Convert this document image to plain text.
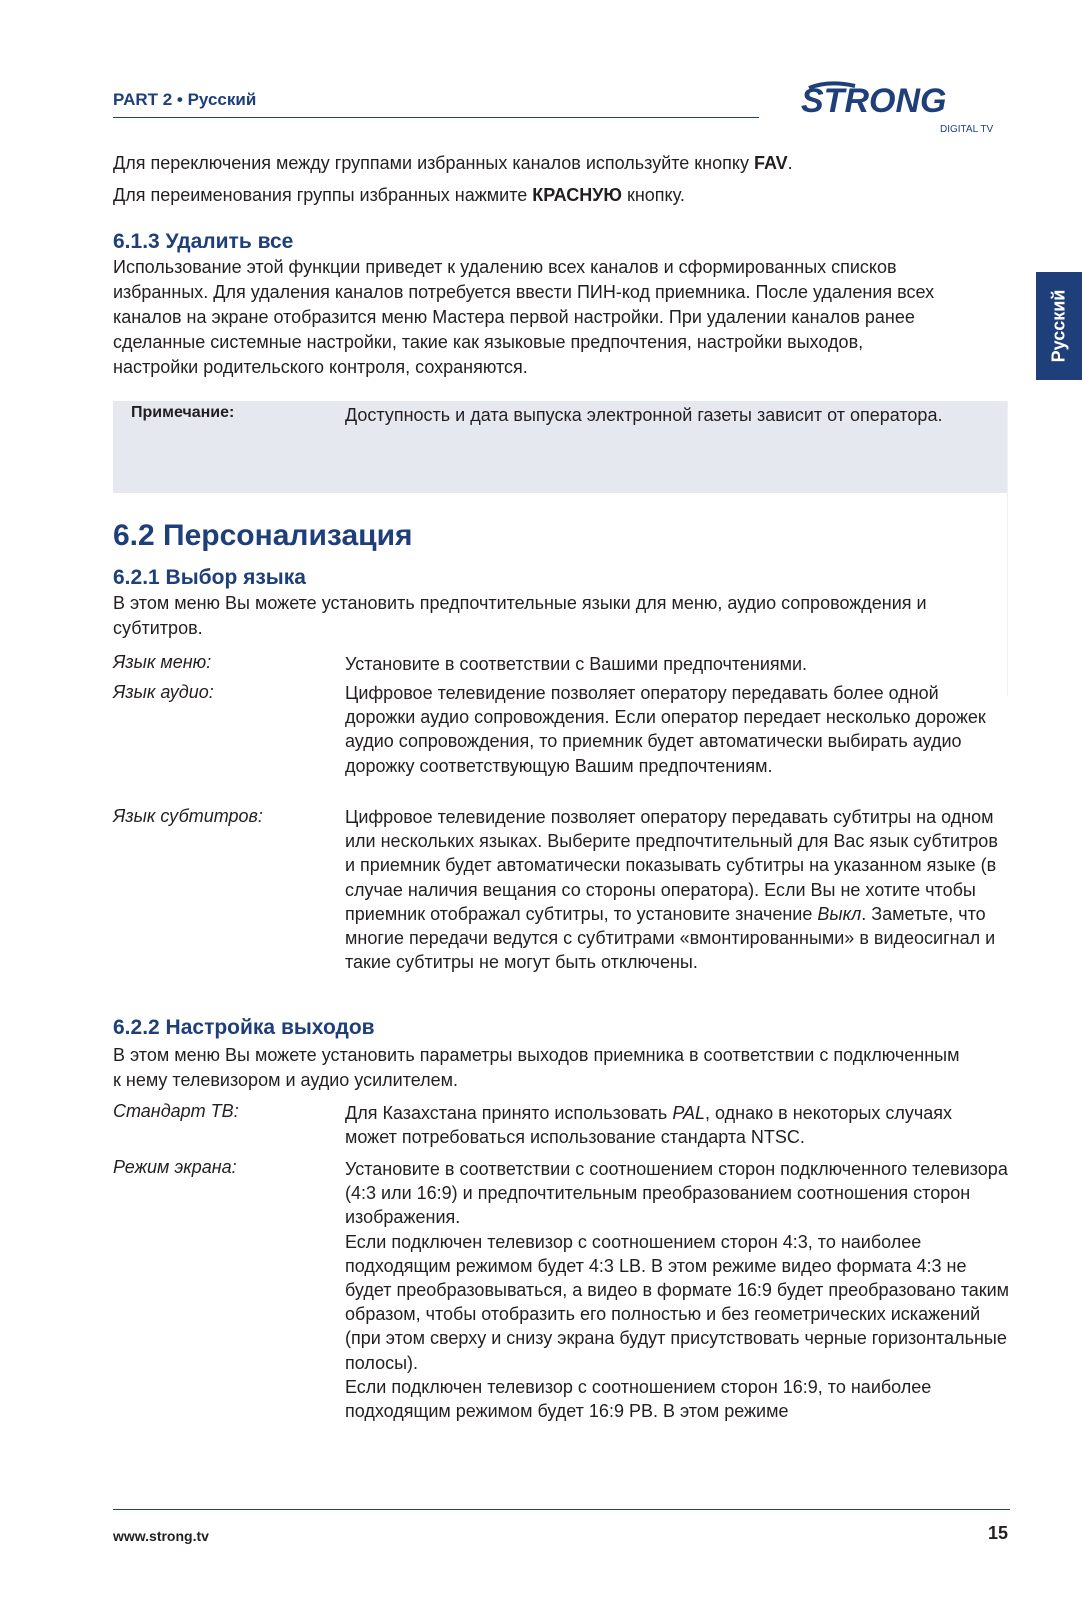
PART 2 • Русский	STRONG
DIGITAL TV
Русский

Для переключения между группами избранных каналов используйте кнопку FAV.

Для переименования группы избранных нажмите КРАСНУЮ кнопку.

6.1.3 Удалить все

Использование этой функции приведет к удалению всех каналов и сформированных списков избранных. Для удаления каналов потребуется ввести ПИН-код приемника. После удаления всех каналов на экране отобразится меню Мастера первой настройки. При удалении каналов ранее сделанные системные настройки, такие как языковые предпочтения, настройки выходов, настройки родительского контроля, сохраняются.

Примечание:	Доступность и дата выпуска электронной газеты зависит от оператора.

6.2 Персонализация
6.2.1 Выбор языка

В этом меню Вы можете установить предпочтительные языки для меню, аудио сопровождения и субтитров.

Язык меню:	Установите в соответствии с Вашими предпочтениями.

Язык аудио:	Цифровое телевидение позволяет оператору передавать более одной дорожки аудио сопровождения. Если оператор передает несколько дорожек аудио сопровождения, то приемник будет автоматически выбирать аудио дорожку соответствующую Вашим предпочтениям.

Язык субтитров:	Цифровое телевидение позволяет оператору передавать субтитры на одном или нескольких языках. Выберите предпочтительный для Вас язык субтитров и приемник будет автоматически показывать субтитры на указанном языке (в случае наличия вещания со стороны оператора). Если Вы не хотите чтобы приемник отображал субтитры, то установите значение Выкл. Заметьте, что многие передачи ведутся с субтитрами «вмонтированными» в видеосигнал и такие субтитры не могут быть отключены.

6.2.2 Настройка выходов

В этом меню Вы можете установить параметры выходов приемника в соответствии с подключенным к нему телевизором и аудио усилителем.

Стандарт ТВ:	Для Казахстана принято использовать PAL, однако в некоторых случаях может потребоваться использование стандарта NTSC.

Режим экрана:	Установите в соответствии с соотношением сторон подключенного телевизора (4:3 или 16:9) и предпочтительным преобразованием соотношения сторон изображения.

Если подключен телевизор с соотношением сторон 4:3, то наиболее подходящим режимом будет 4:3 LB. В этом режиме видео формата 4:3 не будет преобразовываться, а видео в формате 16:9 будет преобразовано таким образом, чтобы отобразить его полностью и без геометрических искажений (при этом сверху и снизу экрана будут присутствовать черные горизонтальные полосы).

Если подключен телевизор с соотношением сторон 16:9, то наиболее подходящим режимом будет 16:9 PB. В этом режиме

www.strong.tv	15
